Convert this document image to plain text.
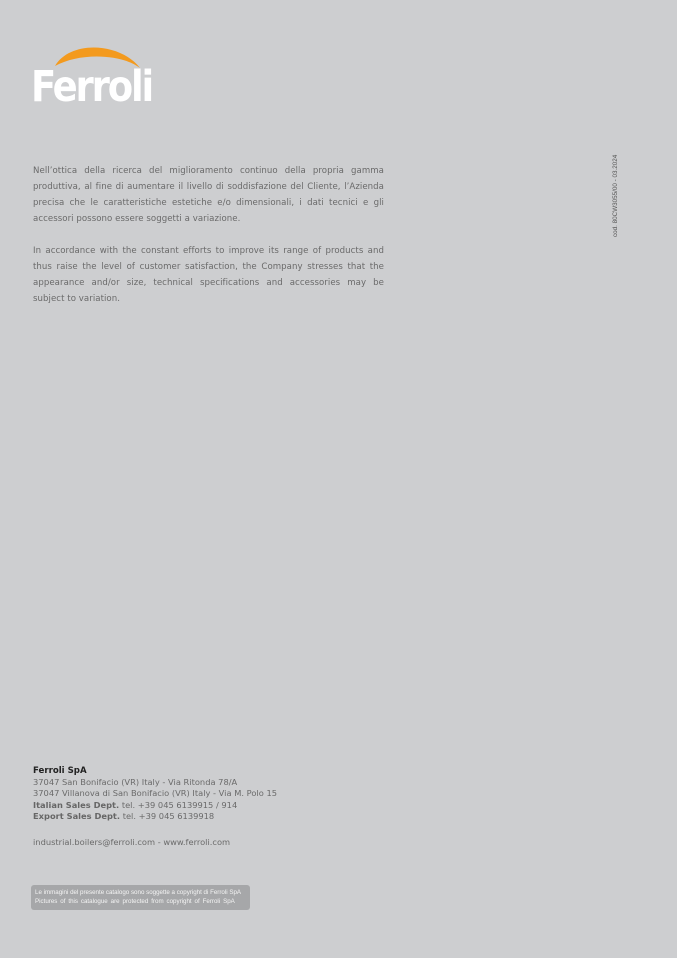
Ferroli

Nell’ottica della ricerca del miglioramento continuo della propria gamma produttiva, al fine di aumentare il livello di soddisfazione del Cliente, l’Azienda precisa che le caratteristiche estetiche e/o dimensionali, i dati tecnici e gli accessori possono essere soggetti a variazione.

In accordance with the constant efforts to improve its range of products and thus raise the level of customer satisfaction, the Company stresses that the appearance and/or size, technical specifications and accessories may be subject to variation.

cod. 80CW3055/00 - 03.2024
Ferroli SpA
37047 San Bonifacio (VR) Italy - Via Ritonda 78/A
37047 Villanova di San Bonifacio (VR) Italy - Via M. Polo 15
Italian Sales Dept. tel. +39 045 6139915 / 914
Export Sales Dept. tel. +39 045 6139918
industrial.boilers@ferroli.com - www.ferroli.com
Le immagini del presente catalogo sono soggette a copyright di Ferroli SpA
Pictures of this catalogue are protected from copyright of Ferroli SpA
